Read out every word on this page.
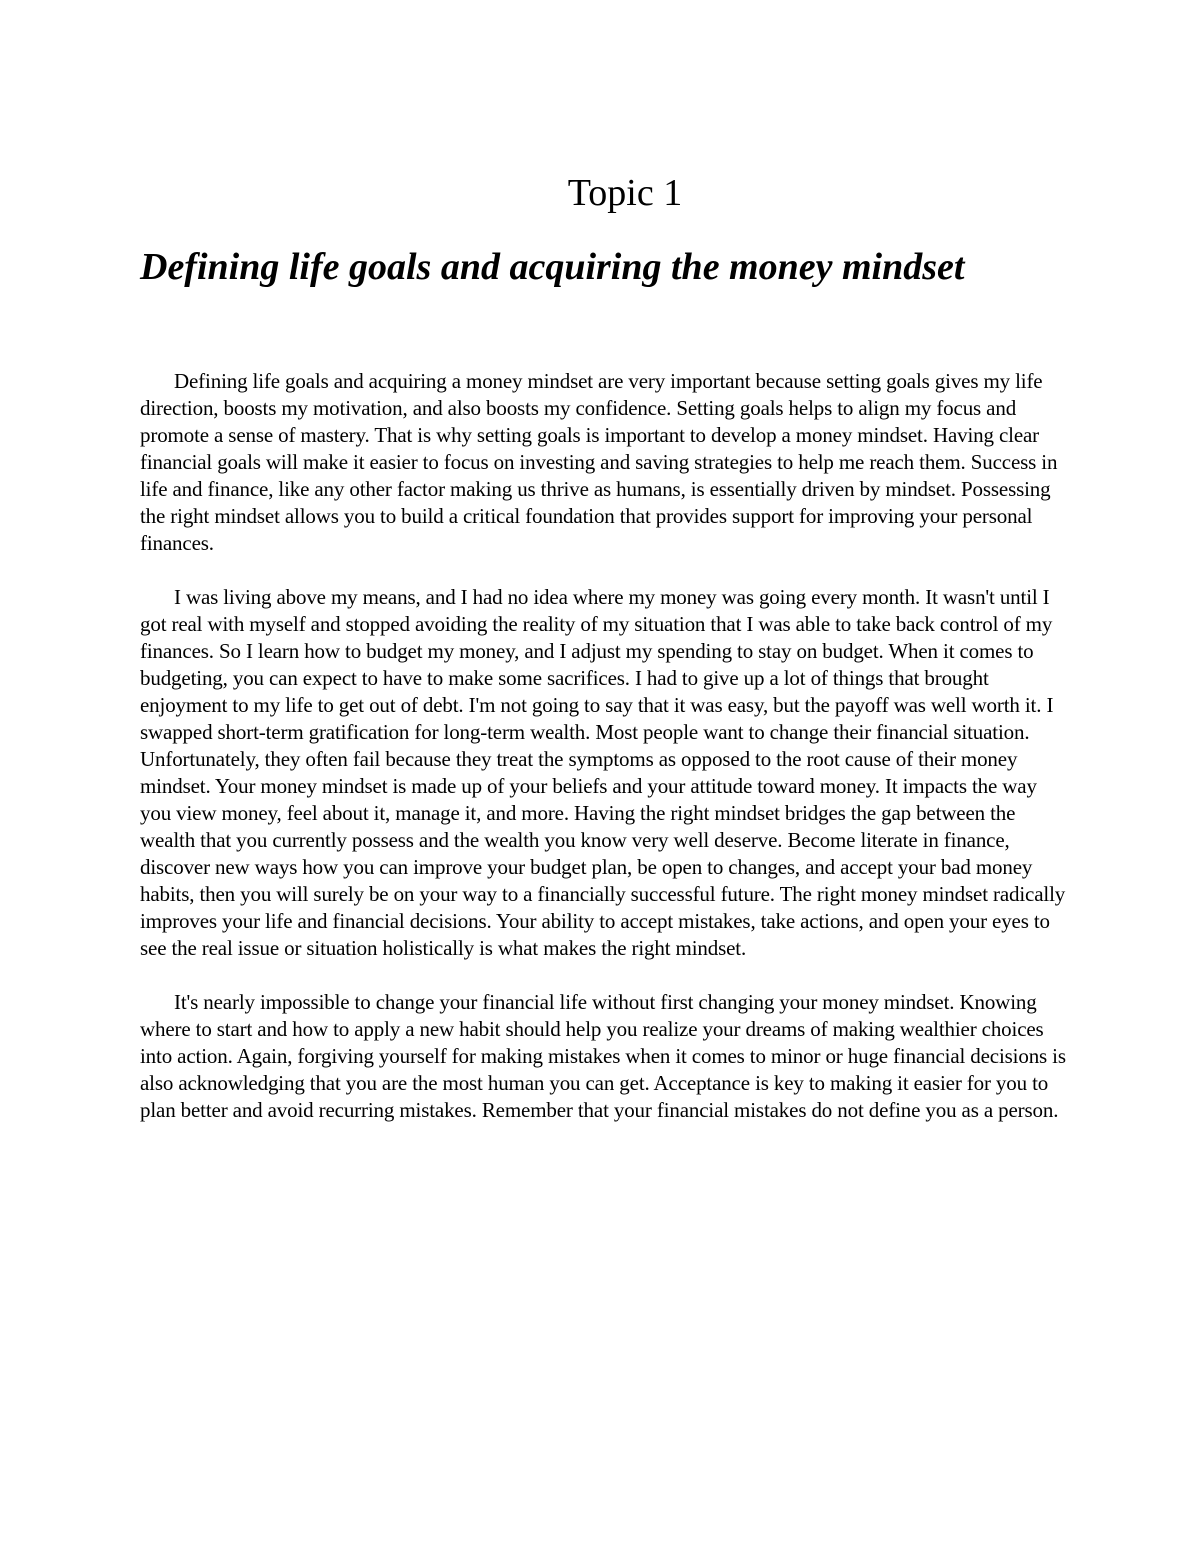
Topic 1
Defining life goals and acquiring the money mindset

Defining life goals and acquiring a money mindset are very important because setting goals gives my life direction, boosts my motivation, and also boosts my confidence. Setting goals helps to align my focus and promote a sense of mastery. That is why setting goals is important to develop a money mindset. Having clear financial goals will make it easier to focus on investing and saving strategies to help me reach them. Success in life and finance, like any other factor making us thrive as humans, is essentially driven by mindset. Possessing the right mindset allows you to build a critical foundation that provides support for improving your personal finances.

I was living above my means, and I had no idea where my money was going every month. It wasn't until I got real with myself and stopped avoiding the reality of my situation that I was able to take back control of my finances. So I learn how to budget my money, and I adjust my spending to stay on budget. When it comes to budgeting, you can expect to have to make some sacrifices. I had to give up a lot of things that brought enjoyment to my life to get out of debt. I'm not going to say that it was easy, but the payoff was well worth it. I swapped short-term gratification for long-term wealth. Most people want to change their financial situation. Unfortunately, they often fail because they treat the symptoms as opposed to the root cause of their money mindset. Your money mindset is made up of your beliefs and your attitude toward money. It impacts the way you view money, feel about it, manage it, and more. Having the right mindset bridges the gap between the wealth that you currently possess and the wealth you know very well deserve. Become literate in finance, discover new ways how you can improve your budget plan, be open to changes, and accept your bad money habits, then you will surely be on your way to a financially successful future. The right money mindset radically improves your life and financial decisions. Your ability to accept mistakes, take actions, and open your eyes to see the real issue or situation holistically is what makes the right mindset.

It's nearly impossible to change your financial life without first changing your money mindset. Knowing where to start and how to apply a new habit should help you realize your dreams of making wealthier choices into action. Again, forgiving yourself for making mistakes when it comes to minor or huge financial decisions is also acknowledging that you are the most human you can get. Acceptance is key to making it easier for you to plan better and avoid recurring mistakes. Remember that your financial mistakes do not define you as a person.
